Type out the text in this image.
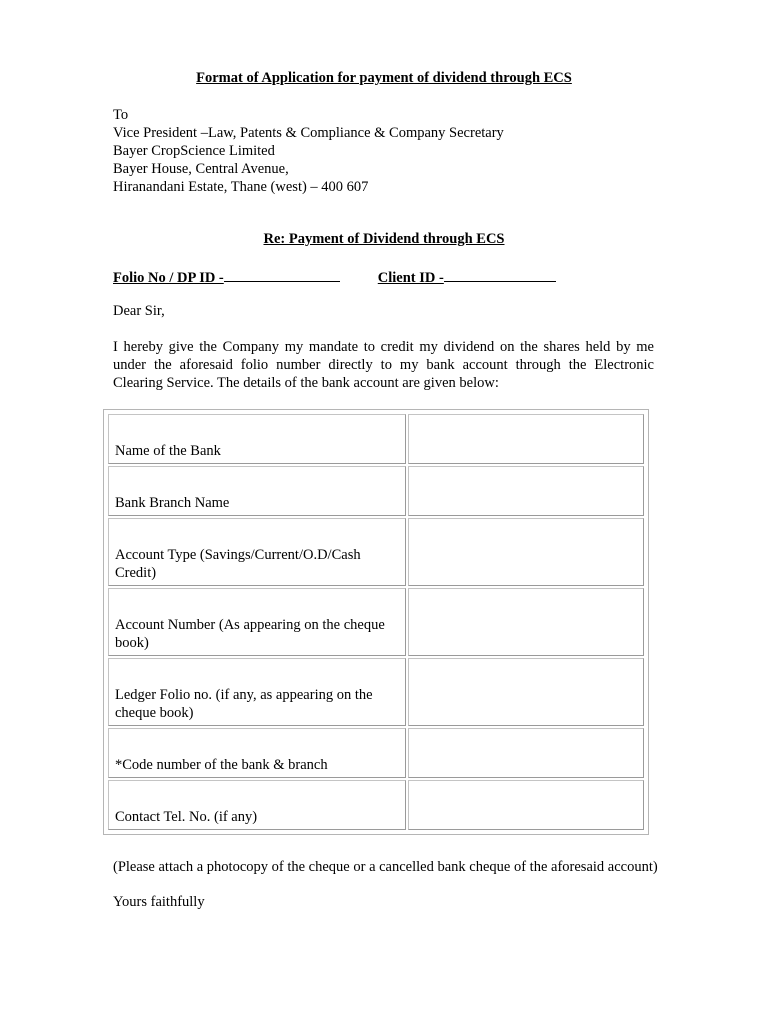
Format of Application for payment of dividend through ECS
To
Vice President –Law, Patents & Compliance & Company Secretary
Bayer CropScience Limited
Bayer House, Central Avenue,
Hiranandani Estate, Thane (west) – 400 607
Re: Payment of Dividend through ECS
Folio No / DP ID -	Client ID -
Dear Sir,
I hereby give the Company my mandate to credit my dividend on the shares held by me under the aforesaid folio number directly to my bank account through the Electronic Clearing Service. The details of the bank account are given below:
Name of the Bank	
Bank Branch Name	
Account Type (Savings/Current/O.D/Cash Credit)	
Account Number (As appearing on the cheque book)	
Ledger Folio no. (if any, as appearing on the cheque book)	
*Code number of the bank & branch	
Contact Tel. No. (if any)	
(Please attach a photocopy of the cheque or a cancelled bank cheque of the aforesaid account)
Yours faithfully
